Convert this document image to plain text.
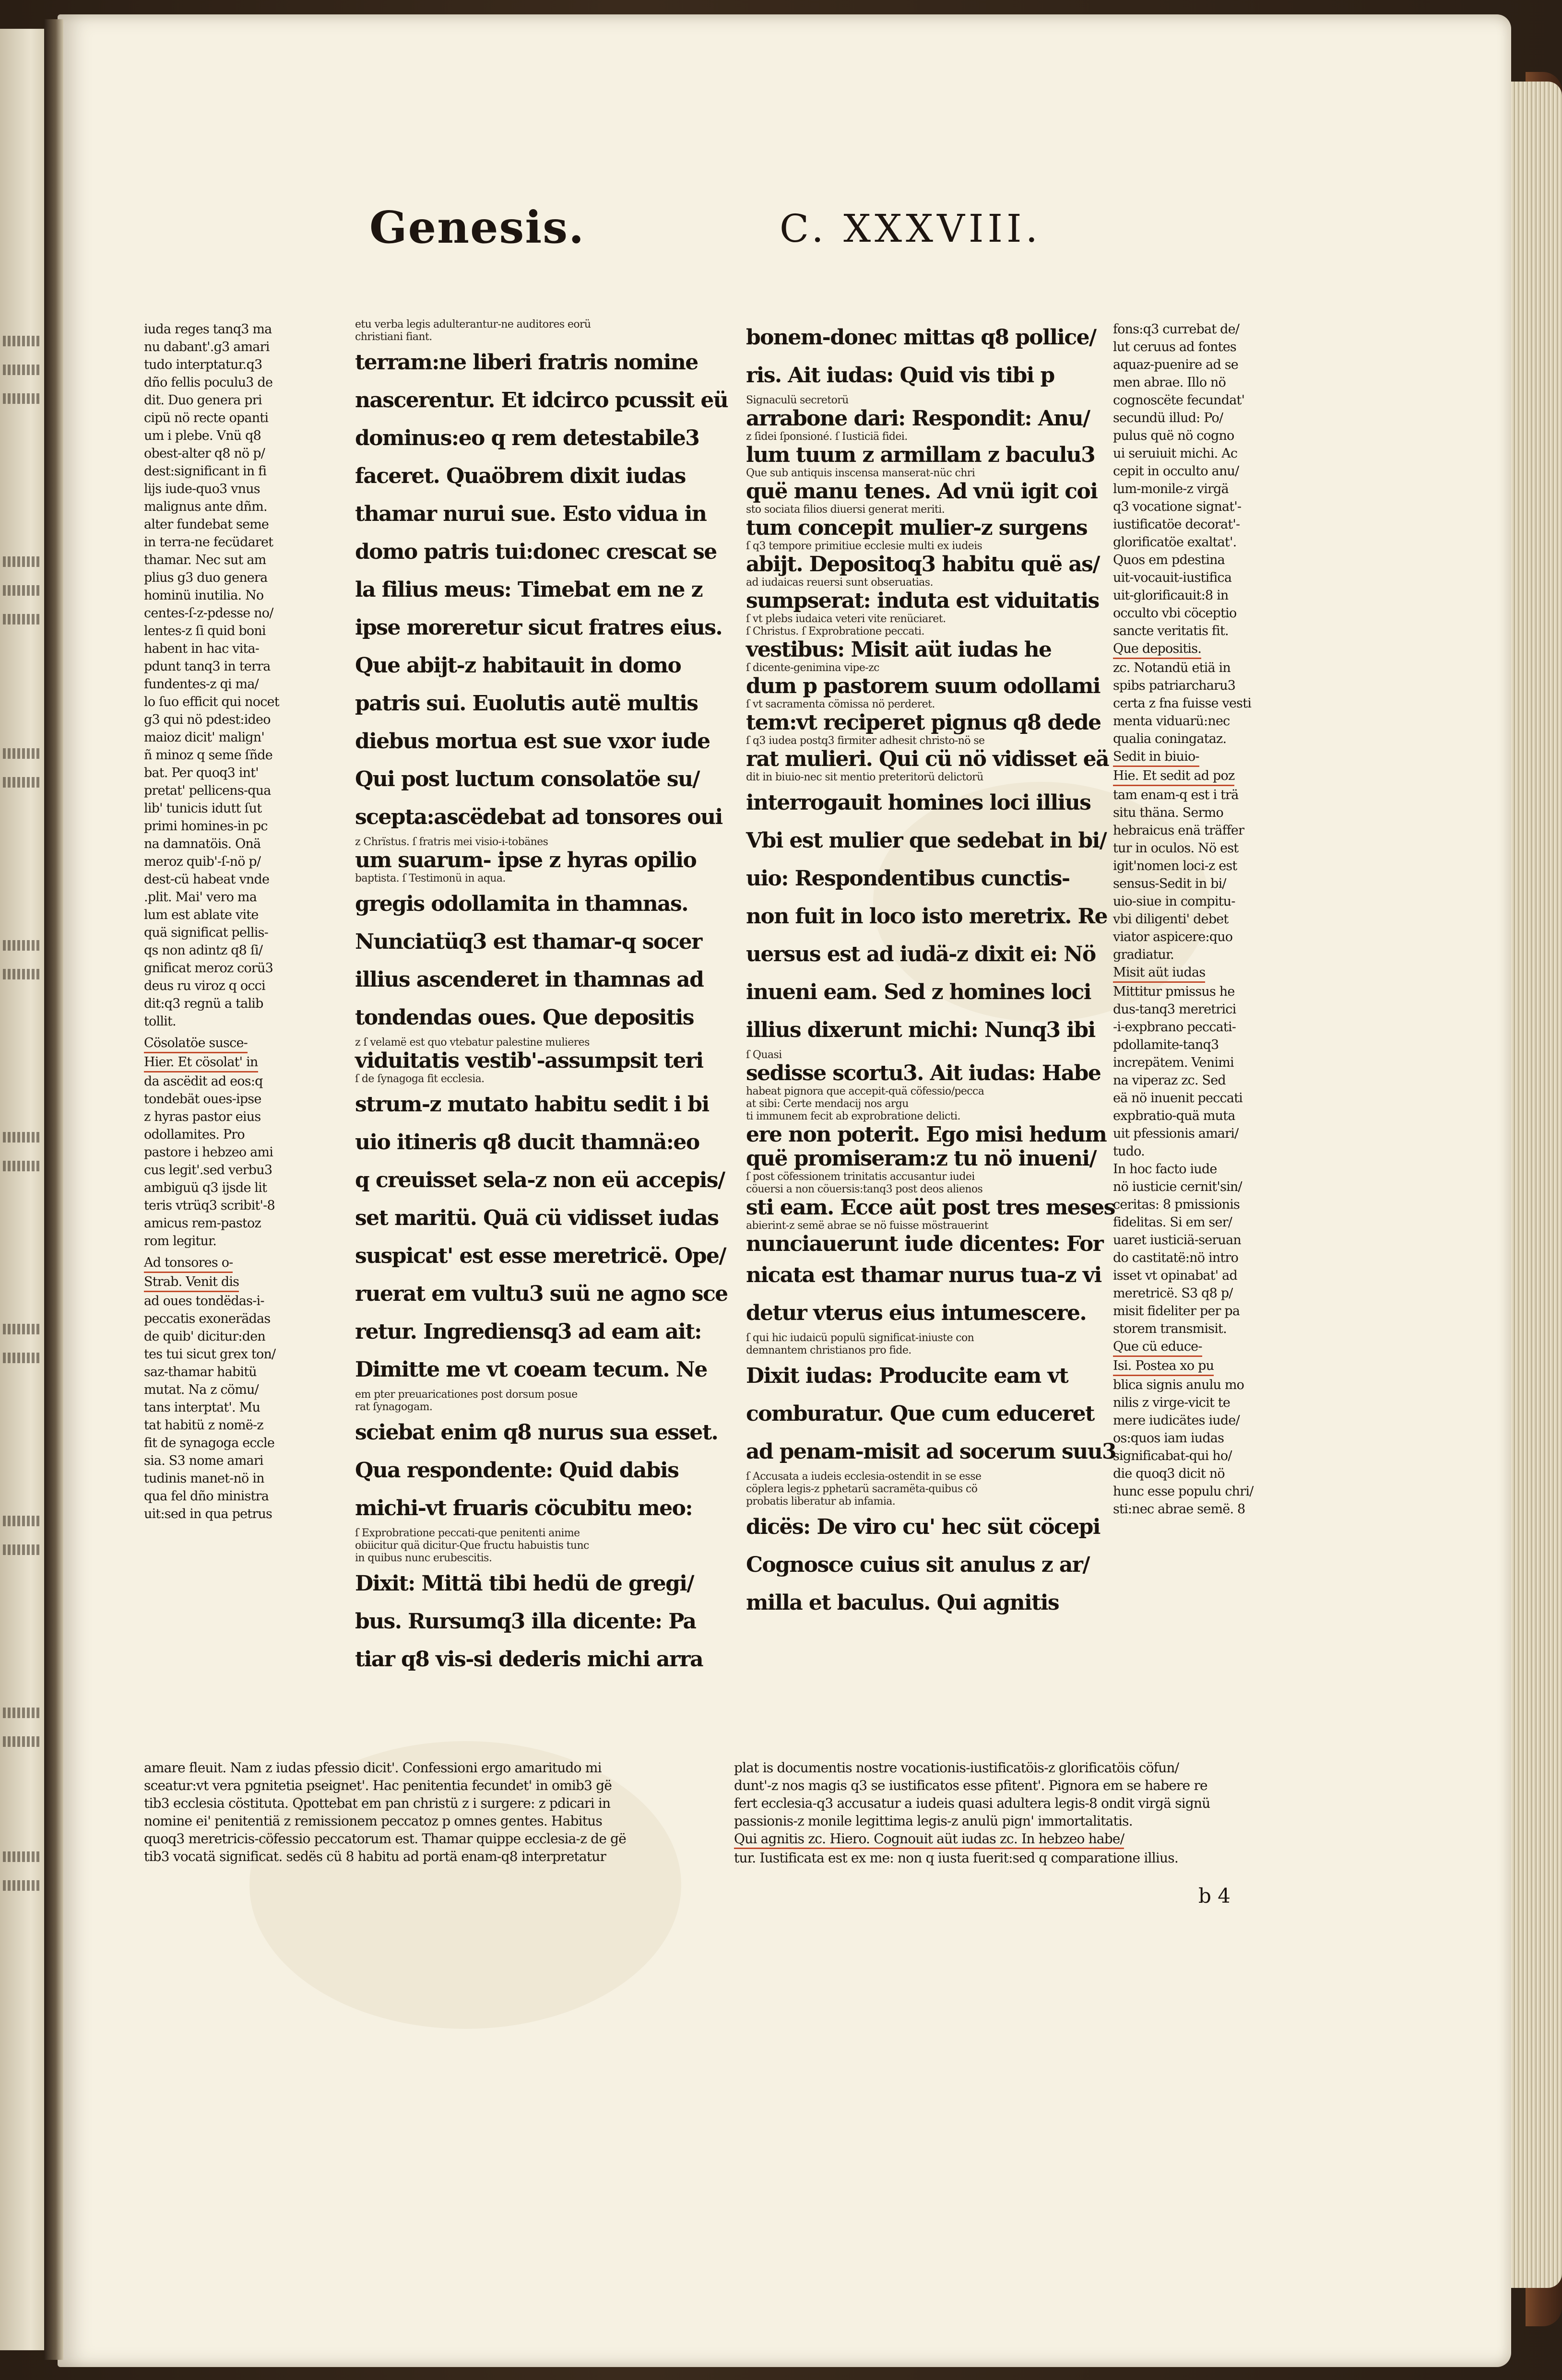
Genesis.	C. XXXVIII.
iuda reges tanq3 ma
nu dabant'.g3 amari
tudo interptatur.q3
dño fellis poculu3 de
dit. Duo genera pri
cipü nö recte opanti
um i plebe. Vnü q8
obest-alter q8 nö p/
dest:significant in fi
lijs iude-quo3 vnus
malignus ante dñm.
alter fundebat seme
in terra-ne fecüdaret
thamar. Nec sut am
plius g3 duo genera
hominü inutilia. No
centes-ſ-z-pdesse no/
lentes-z ſi quid boni
habent in hac vita-
pdunt tanq3 in terra
fundentes-z qi ma/
lo ſuo efficit qui nocet
g3 qui nö pdest:ideo
maioz dicit' malign'
ñ minoz q seme ſñde
bat. Per quoq3 int'
pretat' pellicens-qua
lib' tunicis idutt ſut
primi homines-in pc
na damnatöis. Onä
meroz quib'-ſ-nö p/
dest-cü habeat vnde
.plit. Mai' vero ma
lum est ablate vite
quä significat pellis-
qs non adintz q8 ſi/
gnificat meroz corü3
deus ru viroz q occi
dit:q3 regnü a talib
tollit.
Cösolatöe susce-Hier. Et cösolat' in
da ascëdit ad eos:q
tondebät oues-ipse
z hyras pastor eius
odollamites. Pro
pastore i hebzeo ami
cus legit'.sed verbu3
ambiguü q3 ijsde lit
teris vtrüq3 scribit'-8
amicus rem-pastoz
rom legitur.
Ad tonsores o-Strab. Venit dis
ad oues tondëdas-i-
peccatis exonerädas
de quib' dicitur:den
tes tui sicut grex ton/
saz-thamar habitü
mutat. Na z cömu/
tans interptat'. Mu
tat habitü z nomë-z
fit de synagoga eccle
sia. S3 nome amari
tudinis manet-nö in
qua fel dño ministra
uit:sed in qua petrus
etu verba legis adulterantur-ne auditores eorü
christiani fiant.
terram:ne liberi fratris nomine
nascerentur. Et idcirco pcussit eü
dominus:eo q rem detestabile3
faceret. Quaöbrem dixit iudas
thamar nurui sue. Esto vidua in
domo patris tui:donec crescat se
la filius meus: Timebat em ne z
ipse moreretur sicut fratres eius.
Que abijt-z habitauit in domo
patris sui. Euolutis autë multis
diebus mortua est sue vxor iude
Qui post luctum consolatöe su/
scepta:ascëdebat ad tonsores oui
z Chrïstus. ſ fratris mei visio-i-tobänes
um suarum- ipse z hyras opilio
baptista. ſ Testimonü in aqua.
gregis odollamita in thamnas.
Nunciatüq3 est thamar-q socer
illius ascenderet in thamnas ad
tondendas oues. Que depositis
z ſ velamë est quo vtebatur palestine mulieres
viduitatis vestib'-assumpsit teri
ſ de ſynagoga fit ecclesia.
strum-z mutato habitu sedit i bi
uio itineris q8 ducit thamnä:eo
q creuisset sela-z non eü accepis/
set maritü. Quä cü vidisset iudas
suspicat' est esse meretricë. Ope/
ruerat em vultu3 suü ne agno sce
retur. Ingrediensq3 ad eam ait:
Dimitte me vt coeam tecum. Ne
em pter preuaricationes post dorsum posue
rat ſynagogam.
sciebat enim q8 nurus sua esset.
Qua respondente: Quid dabis
michi-vt fruaris cöcubitu meo:
ſ Exprobratione peccati-que penitenti anime
obiicitur quä dicitur-Que fructu habuistis tunc
in quibus nunc erubescitis.
Dixit: Mittä tibi hedü de gregi/
bus. Rursumq3 illa dicente: Pa
tiar q8 vis-si dederis michi arra
bonem-donec mittas q8 pollice/
ris. Ait iudas: Quid vis tibi p
Signaculü secretorü
arrabone dari: Respondit: Anu/
z ſidei ſponsioné. ſ Iusticiä fidei.
lum tuum z armillam z baculu3
Que sub antiquis inscensa manserat-nüc chri
quë manu tenes. Ad vnü igit coi
sto sociata filios diuersi generat meriti.
tum concepit mulier-z surgens
ſ q3 tempore primitiue ecclesie multi ex iudeis
abijt. Depositoq3 habitu quë as/
ad iudaicas reuersi sunt obseruatias.
sumpserat: induta est viduitatis
ſ vt plebs iudaica veteri vite renüciaret.
ſ Christus. ſ Exprobratione peccati.
vestibus: Misit aüt iudas he
ſ dicente-genimina vipe-zc
dum p pastorem suum odollami
ſ vt sacramenta cömissa nö perderet.
tem:vt reciperet pignus q8 dede
ſ q3 iudea postq3 firmiter adhesit christo-nö se
rat mulieri. Qui cü nö vidisset eä
dit in biuio-nec sit mentio preteritorü delictorü
interrogauit homines loci illius
Vbi est mulier que sedebat in bi/
uio: Respondentibus cunctis-
non fuit in loco isto meretrix. Re
uersus est ad iudä-z dixit ei: Nö
inueni eam. Sed z homines loci
illius dixerunt michi: Nunq3 ibi
ſ Quasi
sedisse scortu3. Ait iudas: Habe
habeat pignora que accepit-quä cöfessio/pecca
at sibi: Certe mendacij nos argu
ti immunem fecit ab exprobratione delicti.
ere non poterit. Ego misi hedum
quë promiseram:z tu nö inueni/
ſ post cöfessionem trinitatis accusantur iudei
cöuersi a non cöuersis:tanq3 post deos alienos
sti eam. Ecce aüt post tres meses
abierint-z semë abrae se nö fuisse möstrauerint
nunciauerunt iude dicentes: For
nicata est thamar nurus tua-z vi
detur vterus eius intumescere.
ſ qui hic iudaicü populü significat-iniuste con
demnantem christianos pro fide.
Dixit iudas: Producite eam vt
comburatur. Que cum educeret
ad penam-misit ad socerum suu3
ſ Accusata a iudeis ecclesia-ostendit in se esse
cöplera legis-z pphetarü sacramëta-quibus cö
probatis liberatur ab infamia.
dicës: De viro cu' hec süt cöcepi
Cognosce cuius sit anulus z ar/
milla et baculus. Qui agnitis
fons:q3 currebat de/
lut ceruus ad fontes
aquaz-puenire ad se
men abrae. Illo nö
cognoscëte fecundat'
secundü illud: Po/
pulus quë nö cogno
ui seruiuit michi. Ac
cepit in occulto anu/
lum-monile-z virgä
q3 vocatione signat'-
iustificatöe decorat'-
glorificatöe exaltat'.
Quos em pdestina
uit-vocauit-iustifica
uit-glorificauit:8 in
occulto vbi cöceptio
sancte veritatis fit.
Que depositis.
zc. Notandü etiä in
spibs patriarcharu3
certa z fna fuisse vesti
menta viduarü:nec
qualia coningataz.
Sedit in biuio-Hie. Et sedit ad poz
tam enam-q est i trä
situ thäna. Sermo
hebraicus enä träffer
tur in oculos. Nö est
igit'nomen loci-z est
sensus-Sedit in bi/
uio-siue in compitu-
vbi diligenti' debet
viator aspicere:quo
gradiatur.
Misit aüt iudas
Mittitur pmissus he
dus-tanq3 meretrici
-i-expbrano peccati-
pdollamite-tanq3
increpätem. Venimi
na viperaz zc. Sed
eä nö inuenit peccati
expbratio-quä muta
uit pfessionis amari/
tudo.
In hoc facto iude
nö iusticie cernit'sin/
ceritas: 8 pmissionis
fidelitas. Si em ser/
uaret iusticiä-seruan
do castitatë:nö intro
isset vt opinabat' ad
meretricë. S3 q8 p/
misit fideliter per pa
storem transmisit.
Que cü educe-Isi. Postea xo pu
blica signis anulu mo
nilis z virge-vicit te
mere iudicätes iude/
os:quos iam iudas
significabat-qui ho/
die quoq3 dicit nö
hunc esse populu chri/
sti:nec abrae semë. 8
amare fleuit. Nam z iudas pfessio dicit'. Confessioni ergo amaritudo mi
sceatur:vt vera pgnitetia pseignet'. Hac penitentia fecundet' in omib3 gë
tib3 ecclesia cöstituta. Qpottebat em pan christü z i surgere: z pdicari in
nomine ei' penitentiä z remissionem peccatoz p omnes gentes. Habitus
quoq3 meretricis-cöfessio peccatorum est. Thamar quippe ecclesia-z de gë
tib3 vocatä significat. sedës cü 8 habitu ad portä enam-q8 interpretatur
plat is documentis nostre vocationis-iustificatöis-z glorificatöis cöfun/
dunt'-z nos magis q3 se iustificatos esse pfitent'. Pignora em se habere re
fert ecclesia-q3 accusatur a iudeis quasi adultera legis-8 ondit virgä signü
passionis-z monile legittima legis-z anulü pign' immortalitatis.
Qui agnitis zc. Hiero. Cognouit aüt iudas zc. In hebzeo habe/
tur. Iustificata est ex me: non q iusta fuerit:sed q comparatione illius.
b 4
